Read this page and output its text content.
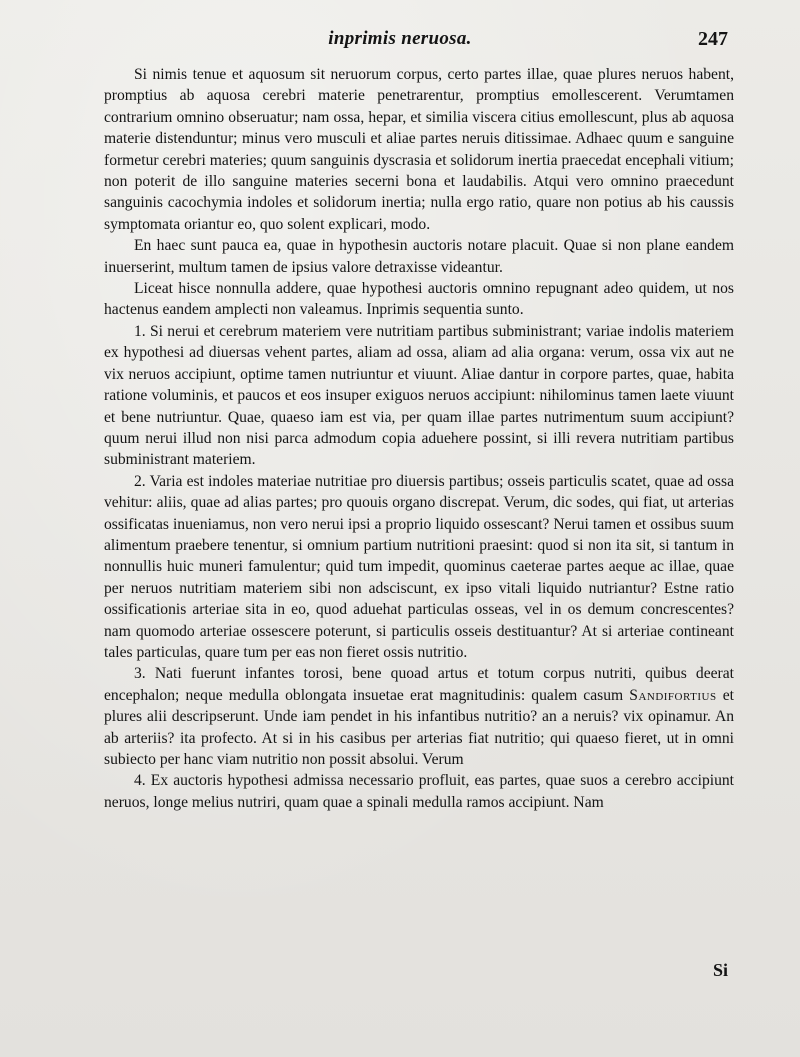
inprimis neruosa.	247

Si nimis tenue et aquosum sit neruorum corpus, certo partes illae, quae plures neruos habent, promptius ab aquosa cerebri materie penetrarentur, promptius emollescerent. Verumtamen contrarium omnino obseruatur; nam ossa, hepar, et similia viscera citius emollescunt, plus ab aquosa materie distenduntur; minus vero musculi et aliae partes neruis ditissimae. Adhaec quum e sanguine formetur cerebri materies; quum sanguinis dyscrasia et solidorum inertia praecedat encephali vitium; non poterit de illo sanguine materies secerni bona et laudabilis. Atqui vero omnino praecedunt sanguinis cacochymia indoles et solidorum inertia; nulla ergo ratio, quare non potius ab his caussis symptomata oriantur eo, quo solent explicari, modo.

En haec sunt pauca ea, quae in hypothesin auctoris notare placuit. Quae si non plane eandem inuerserint, multum tamen de ipsius valore detraxisse videantur.

Liceat hisce nonnulla addere, quae hypothesi auctoris omnino repugnant adeo quidem, ut nos hactenus eandem amplecti non valeamus. Inprimis sequentia sunto.

1. Si nerui et cerebrum materiem vere nutritiam partibus subministrant; variae indolis materiem ex hypothesi ad diuersas vehent partes, aliam ad ossa, aliam ad alia organa: verum, ossa vix aut ne vix neruos accipiunt, optime tamen nutriuntur et viuunt. Aliae dantur in corpore partes, quae, habita ratione voluminis, et paucos et eos insuper exiguos neruos accipiunt: nihilominus tamen laete viuunt et bene nutriuntur. Quae, quaeso iam est via, per quam illae partes nutrimentum suum accipiunt? quum nerui illud non nisi parca admodum copia aduehere possint, si illi revera nutritiam partibus subministrant materiem.

2. Varia est indoles materiae nutritiae pro diuersis partibus; osseis particulis scatet, quae ad ossa vehitur: aliis, quae ad alias partes; pro quouis organo discrepat. Verum, dic sodes, qui fiat, ut arterias ossificatas inueniamus, non vero nerui ipsi a proprio liquido ossescant? Nerui tamen et ossibus suum alimentum praebere tenentur, si omnium partium nutritioni praesint: quod si non ita sit, si tantum in nonnullis huic muneri famulentur; quid tum impedit, quominus caeterae partes aeque ac illae, quae per neruos nutritiam materiem sibi non adsciscunt, ex ipso vitali liquido nutriantur? Estne ratio ossificationis arteriae sita in eo, quod aduehat particulas osseas, vel in os demum concrescentes? nam quomodo arteriae ossescere poterunt, si particulis osseis destituantur? At si arteriae contineant tales particulas, quare tum per eas non fieret ossis nutritio.

3. Nati fuerunt infantes torosi, bene quoad artus et totum corpus nutriti, quibus deerat encephalon; neque medulla oblongata insuetae erat magnitudinis: qualem casum Sandifortius et plures alii descripserunt. Unde iam pendet in his infantibus nutritio? an a neruis? vix opinamur. An ab arteriis? ita profecto. At si in his casibus per arterias fiat nutritio; qui quaeso fieret, ut in omni subiecto per hanc viam nutritio non possit absolui. Verum

4. Ex auctoris hypothesi admissa necessario profluit, eas partes, quae suos a cerebro accipiunt neruos, longe melius nutriri, quam quae a spinali medulla ramos accipiunt. Nam

Si
